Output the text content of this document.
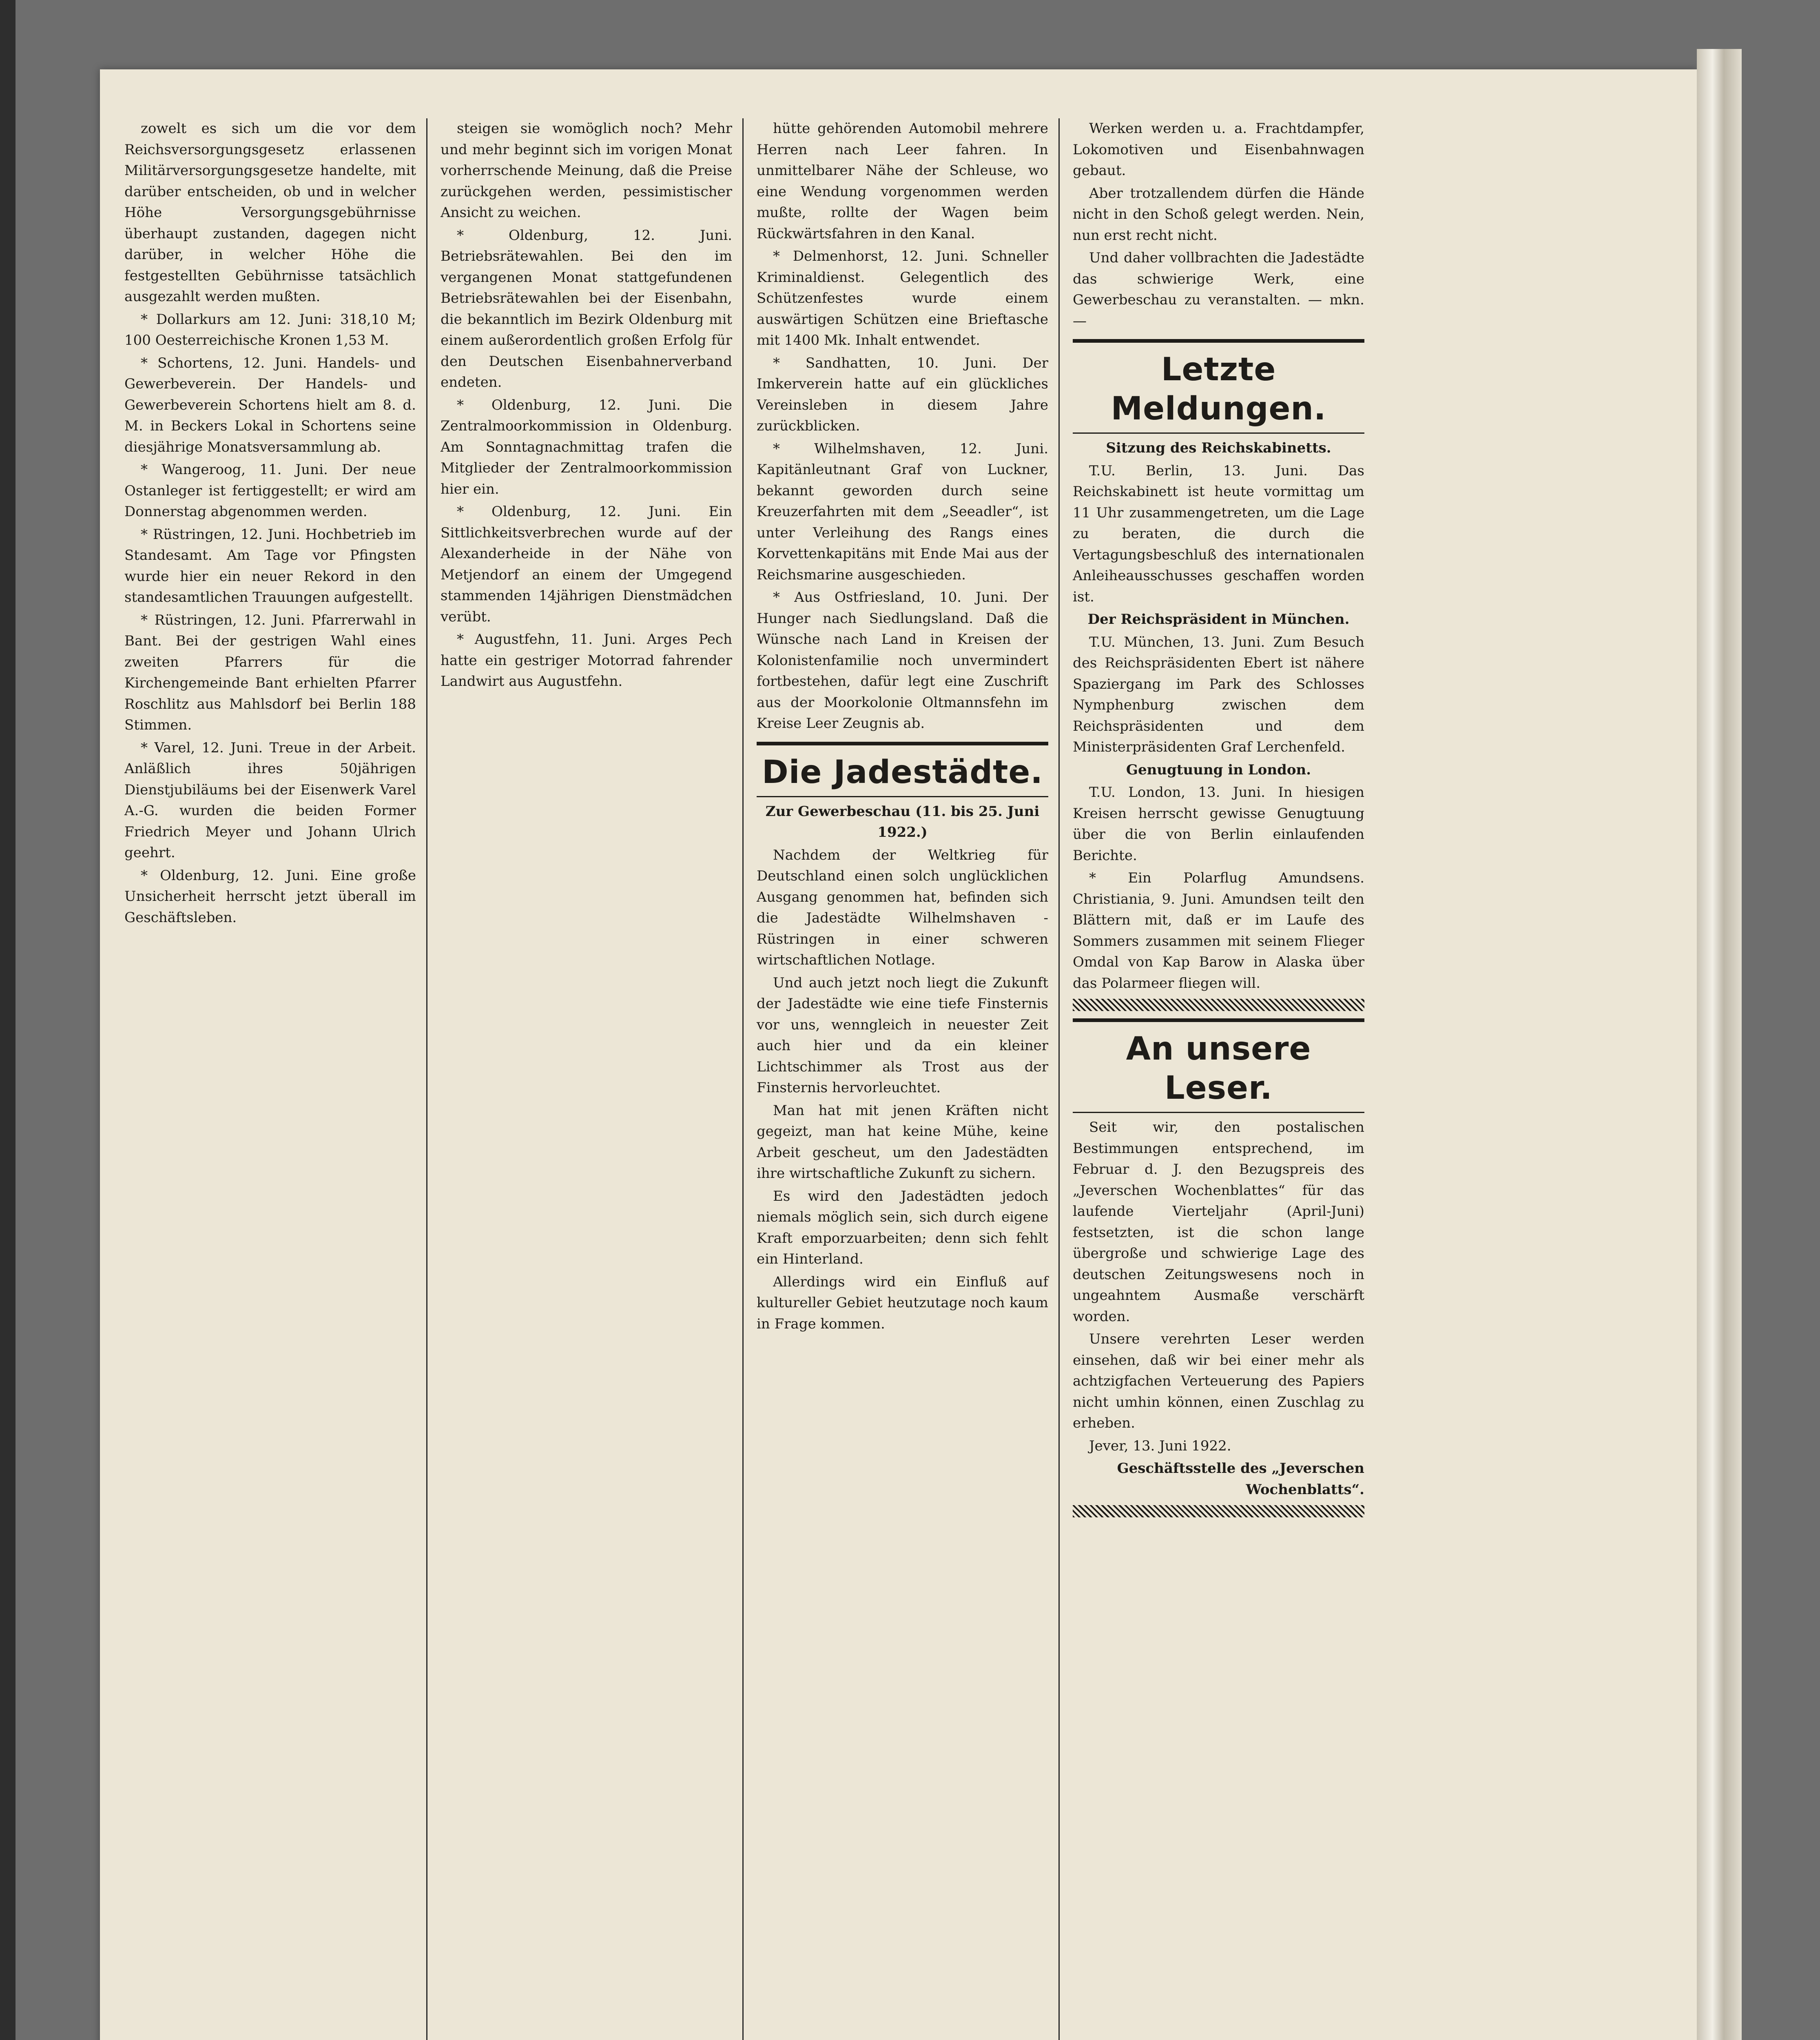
zowelt es sich um die vor dem Reichsversorgungsgesetz erlassenen Militärversorgungsgesetze handelte, mit darüber entscheiden, ob und in welcher Höhe Versorgungsgebührnisse überhaupt zustanden, dagegen nicht darüber, in welcher Höhe die festgestellten Gebührnisse tatsächlich ausgezahlt werden mußten.

* Dollarkurs am 12. Juni: 318,10 M; 100 Oesterreichische Kronen 1,53 M.

* Schortens, 12. Juni. Handels- und Gewerbeverein. Der Handels- und Gewerbeverein Schortens hielt am 8. d. M. in Beckers Lokal in Schortens seine diesjährige Monatsversammlung ab.

* Wangeroog, 11. Juni. Der neue Ostanleger ist fertiggestellt; er wird am Donnerstag abgenommen werden.

* Rüstringen, 12. Juni. Hochbetrieb im Standesamt. Am Tage vor Pfingsten wurde hier ein neuer Rekord in den standesamtlichen Trauungen aufgestellt.

* Rüstringen, 12. Juni. Pfarrerwahl in Bant. Bei der gestrigen Wahl eines zweiten Pfarrers für die Kirchengemeinde Bant erhielten Pfarrer Roschlitz aus Mahlsdorf bei Berlin 188 Stimmen.

* Varel, 12. Juni. Treue in der Arbeit. Anläßlich ihres 50jährigen Dienstjubiläums bei der Eisenwerk Varel A.-G. wurden die beiden Former Friedrich Meyer und Johann Ulrich geehrt.

* Oldenburg, 12. Juni. Eine große Unsicherheit herrscht jetzt überall im Geschäftsleben.

steigen sie womöglich noch? Mehr und mehr beginnt sich im vorigen Monat vorherrschende Meinung, daß die Preise zurückgehen werden, pessimistischer Ansicht zu weichen.

* Oldenburg, 12. Juni. Betriebsrätewahlen. Bei den im vergangenen Monat stattgefundenen Betriebsrätewahlen bei der Eisenbahn, die bekanntlich im Bezirk Oldenburg mit einem außerordentlich großen Erfolg für den Deutschen Eisenbahnerverband endeten.

* Oldenburg, 12. Juni. Die Zentralmoorkommission in Oldenburg. Am Sonntagnachmittag trafen die Mitglieder der Zentralmoorkommission hier ein.

* Oldenburg, 12. Juni. Ein Sittlichkeitsverbrechen wurde auf der Alexanderheide in der Nähe von Metjendorf an einem der Umgegend stammenden 14jährigen Dienstmädchen verübt.

* Augustfehn, 11. Juni. Arges Pech hatte ein gestriger Motorrad fahrender Landwirt aus Augustfehn.

hütte gehörenden Automobil mehrere Herren nach Leer fahren. In unmittelbarer Nähe der Schleuse, wo eine Wendung vorgenommen werden mußte, rollte der Wagen beim Rückwärtsfahren in den Kanal.

* Delmenhorst, 12. Juni. Schneller Kriminaldienst. Gelegentlich des Schützenfestes wurde einem auswärtigen Schützen eine Brieftasche mit 1400 Mk. Inhalt entwendet.

* Sandhatten, 10. Juni. Der Imkerverein hatte auf ein glückliches Vereinsleben in diesem Jahre zurückblicken.

* Wilhelmshaven, 12. Juni. Kapitänleutnant Graf von Luckner, bekannt geworden durch seine Kreuzerfahrten mit dem „Seeadler“, ist unter Verleihung des Rangs eines Korvettenkapitäns mit Ende Mai aus der Reichsmarine ausgeschieden.

* Aus Ostfriesland, 10. Juni. Der Hunger nach Siedlungsland. Daß die Wünsche nach Land in Kreisen der Kolonistenfamilie noch unvermindert fortbestehen, dafür legt eine Zuschrift aus der Moorkolonie Oltmannsfehn im Kreise Leer Zeugnis ab.

Die Jadestädte.

Zur Gewerbeschau (11. bis 25. Juni 1922.)

Nachdem der Weltkrieg für Deutschland einen solch unglücklichen Ausgang genommen hat, befinden sich die Jadestädte Wilhelmshaven - Rüstringen in einer schweren wirtschaftlichen Notlage.

Und auch jetzt noch liegt die Zukunft der Jadestädte wie eine tiefe Finsternis vor uns, wenngleich in neuester Zeit auch hier und da ein kleiner Lichtschimmer als Trost aus der Finsternis hervorleuchtet.

Man hat mit jenen Kräften nicht gegeizt, man hat keine Mühe, keine Arbeit gescheut, um den Jadestädten ihre wirtschaftliche Zukunft zu sichern.

Es wird den Jadestädten jedoch niemals möglich sein, sich durch eigene Kraft emporzuarbeiten; denn sich fehlt ein Hinterland.

Allerdings wird ein Einfluß auf kultureller Gebiet heutzutage noch kaum in Frage kommen.

Werken werden u. a. Frachtdampfer, Lokomotiven und Eisenbahnwagen gebaut.

Aber trotzallendem dürfen die Hände nicht in den Schoß gelegt werden. Nein, nun erst recht nicht.

Und daher vollbrachten die Jadestädte das schwierige Werk, eine Gewerbeschau zu veranstalten. — mkn. —

Letzte Meldungen.

Sitzung des Reichskabinetts.

T.U. Berlin, 13. Juni. Das Reichskabinett ist heute vormittag um 11 Uhr zusammengetreten, um die Lage zu beraten, die durch die Vertagungsbeschluß des internationalen Anleiheausschusses geschaffen worden ist.

Der Reichspräsident in München.

T.U. München, 13. Juni. Zum Besuch des Reichspräsidenten Ebert ist nähere Spaziergang im Park des Schlosses Nymphenburg zwischen dem Reichspräsidenten und dem Ministerpräsidenten Graf Lerchenfeld.

Genugtuung in London.

T.U. London, 13. Juni. In hiesigen Kreisen herrscht gewisse Genugtuung über die von Berlin einlaufenden Berichte.

* Ein Polarflug Amundsens. Christiania, 9. Juni. Amundsen teilt den Blättern mit, daß er im Laufe des Sommers zusammen mit seinem Flieger Omdal von Kap Barow in Alaska über das Polarmeer fliegen will.

An unsere Leser.

Seit wir, den postalischen Bestimmungen entsprechend, im Februar d. J. den Bezugspreis des „Jeverschen Wochenblattes“ für das laufende Vierteljahr (April-Juni) festsetzten, ist die schon lange übergroße und schwierige Lage des deutschen Zeitungswesens noch in ungeahntem Ausmaße verschärft worden.

Unsere verehrten Leser werden einsehen, daß wir bei einer mehr als achtzigfachen Verteuerung des Papiers nicht umhin können, einen Zuschlag zu erheben.

Jever, 13. Juni 1922.

Geschäftsstelle des „Jeverschen Wochenblatts“.
